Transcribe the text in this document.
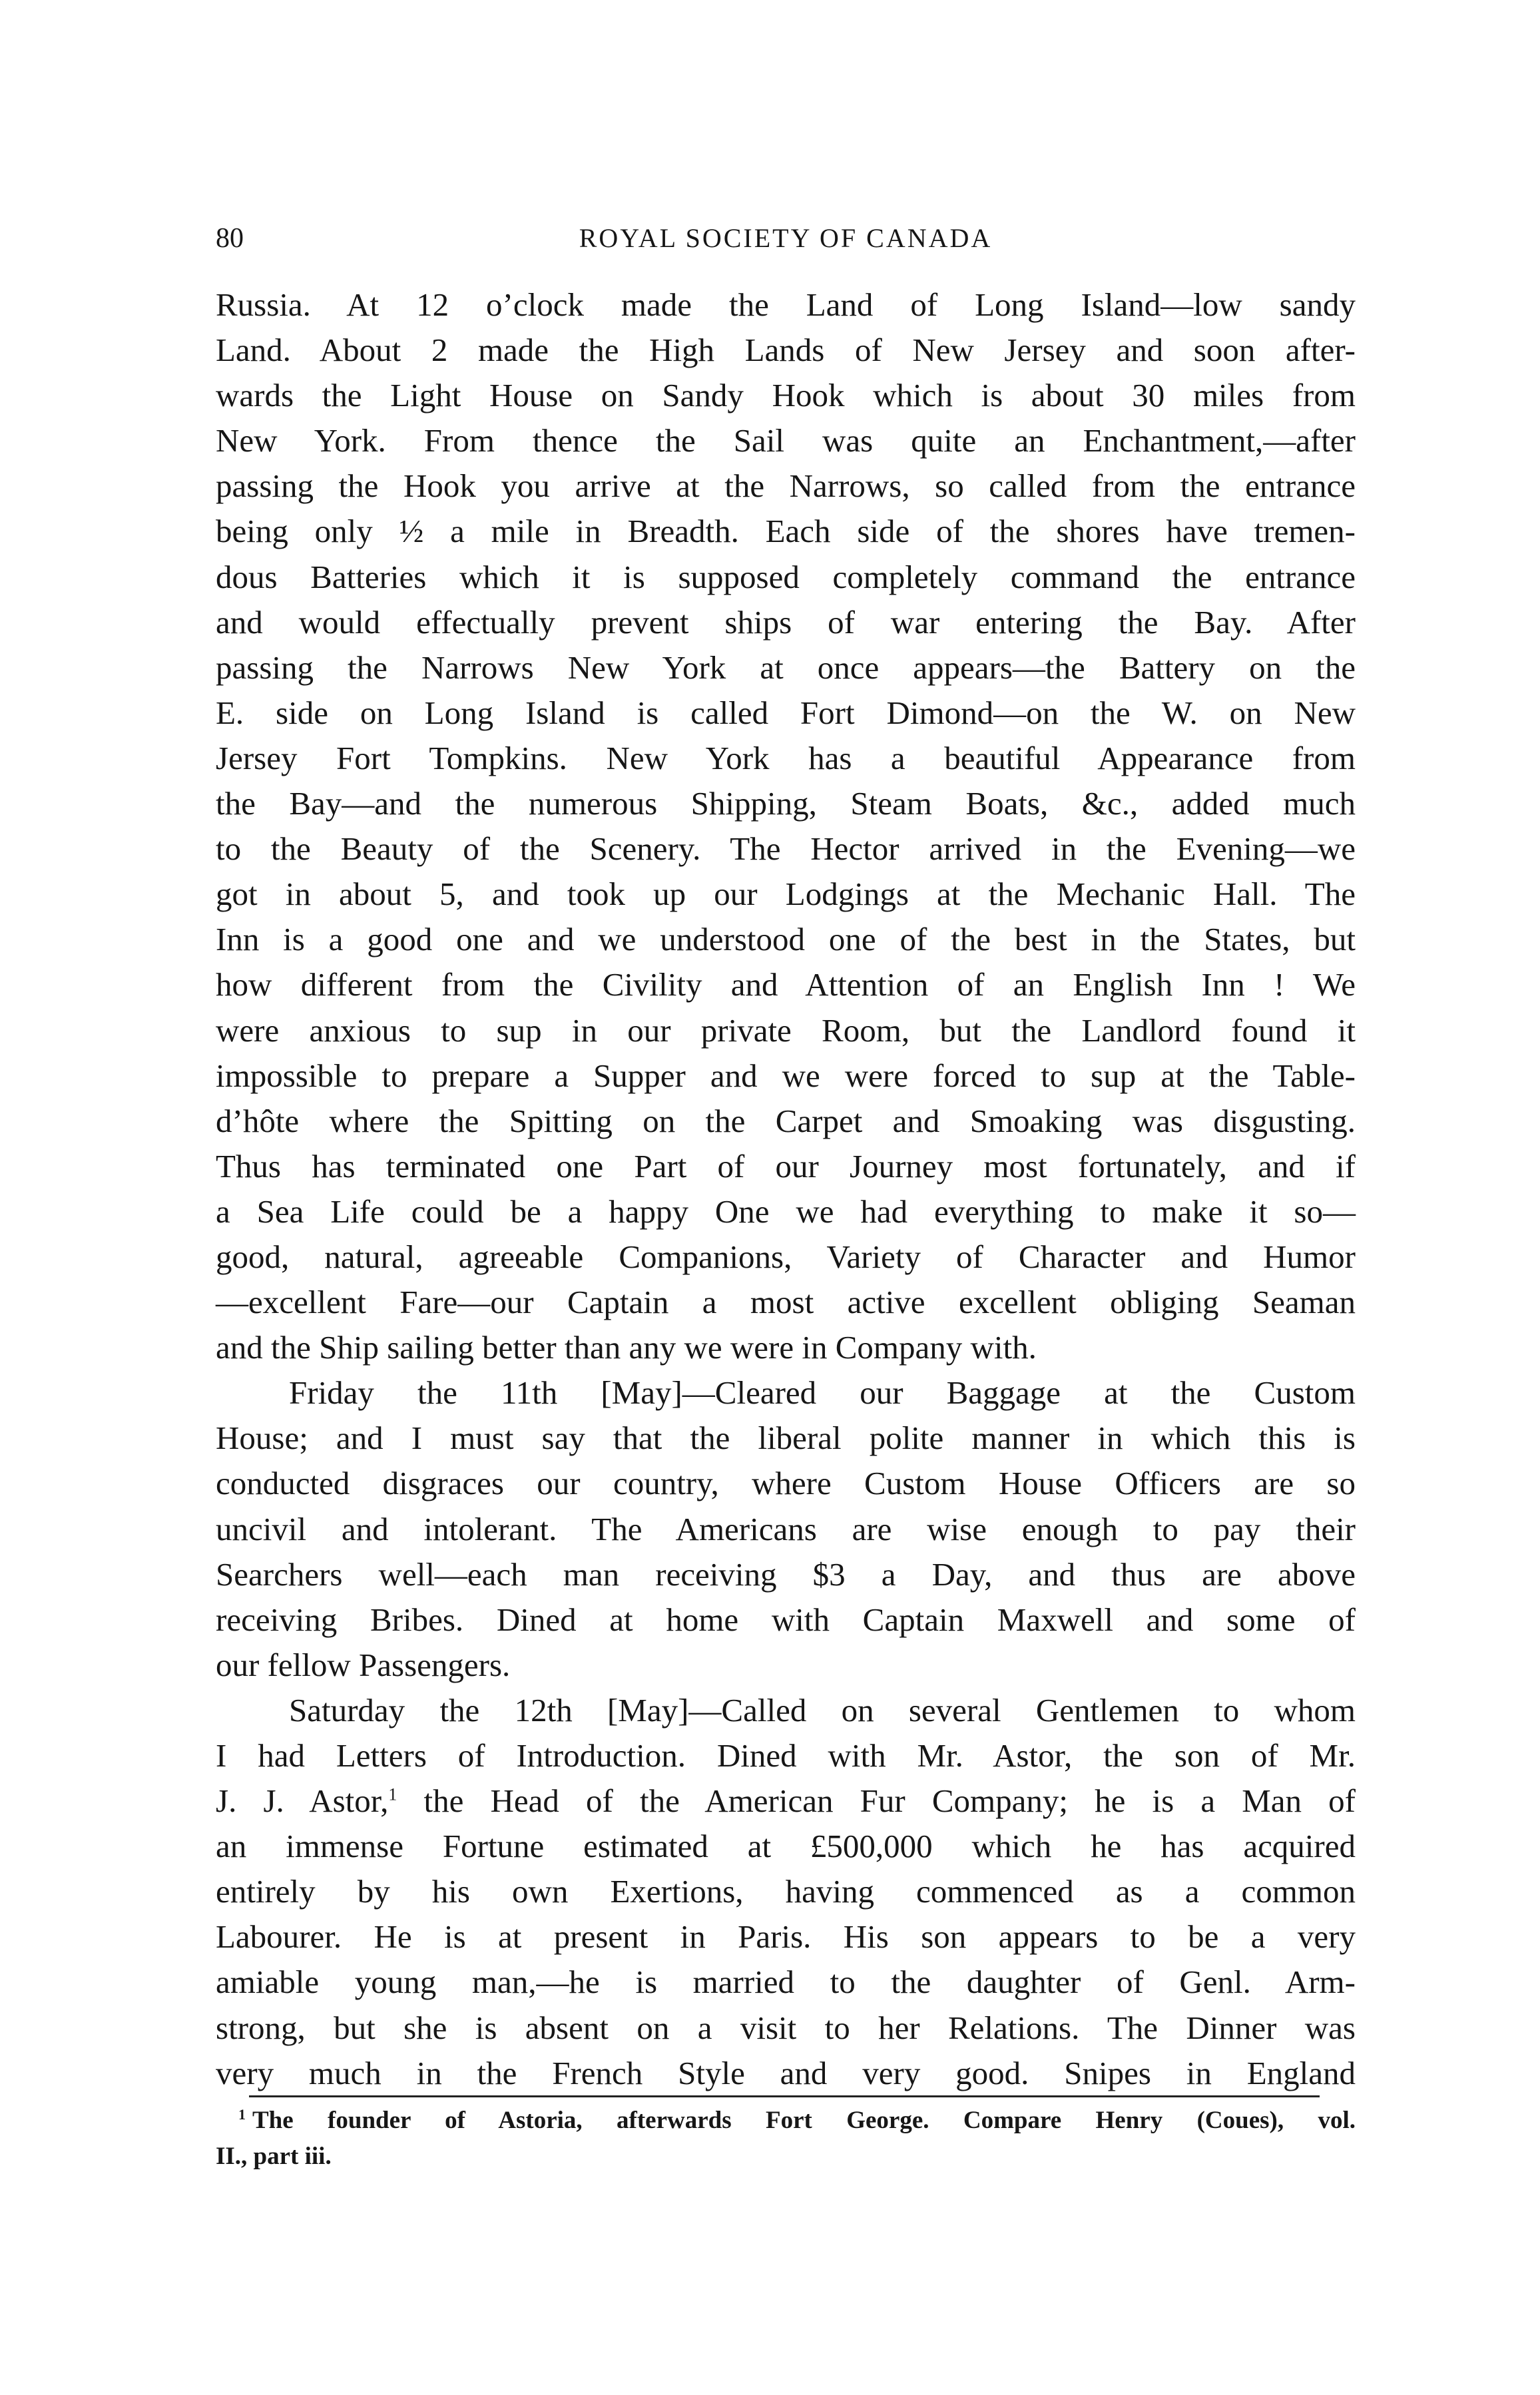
80	ROYAL SOCIETY OF CANADA
Russia. At 12 o’clock made the Land of Long Island—low sandy
Land. About 2 made the High Lands of New Jersey and soon after-
wards the Light House on Sandy Hook which is about 30 miles from
New York. From thence the Sail was quite an Enchantment,—after
passing the Hook you arrive at the Narrows, so called from the entrance
being only ½ a mile in Breadth. Each side of the shores have tremen-
dous Batteries which it is supposed completely command the entrance
and would effectually prevent ships of war entering the Bay. After
passing the Narrows New York at once appears—the Battery on the
E. side on Long Island is called Fort Dimond—on the W. on New
Jersey Fort Tompkins. New York has a beautiful Appearance from
the Bay—and the numerous Shipping, Steam Boats, &c., added much
to the Beauty of the Scenery. The Hector arrived in the Evening—we
got in about 5, and took up our Lodgings at the Mechanic Hall. The
Inn is a good one and we understood one of the best in the States, but
how different from the Civility and Attention of an English Inn ! We
were anxious to sup in our private Room, but the Landlord found it
impossible to prepare a Supper and we were forced to sup at the Table-
d’hôte where the Spitting on the Carpet and Smoaking was disgusting.
Thus has terminated one Part of our Journey most fortunately, and if
a Sea Life could be a happy One we had everything to make it so—
good, natural, agreeable Companions, Variety of Character and Humor
—excellent Fare—our Captain a most active excellent obliging Seaman
and the Ship sailing better than any we were in Company with.
Friday the 11th [May]—Cleared our Baggage at the Custom
House; and I must say that the liberal polite manner in which this is
conducted disgraces our country, where Custom House Officers are so
uncivil and intolerant. The Americans are wise enough to pay their
Searchers well—each man receiving $3 a Day, and thus are above
receiving Bribes. Dined at home with Captain Maxwell and some of
our fellow Passengers.
Saturday the 12th [May]—Called on several Gentlemen to whom
I had Letters of Introduction. Dined with Mr. Astor, the son of Mr.
J. J. Astor,$^1$ the Head of the American Fur Company; he is a Man of
an immense Fortune estimated at £500,000 which he has acquired
entirely by his own Exertions, having commenced as a common
Labourer. He is at present in Paris. His son appears to be a very
amiable young man,—he is married to the daughter of Genl. Arm-
strong, but she is absent on a visit to her Relations. The Dinner was
very much in the French Style and very good. Snipes in England
$^1$ The founder of Astoria, afterwards Fort George. Compare Henry (Coues), vol.
II., part iii.
